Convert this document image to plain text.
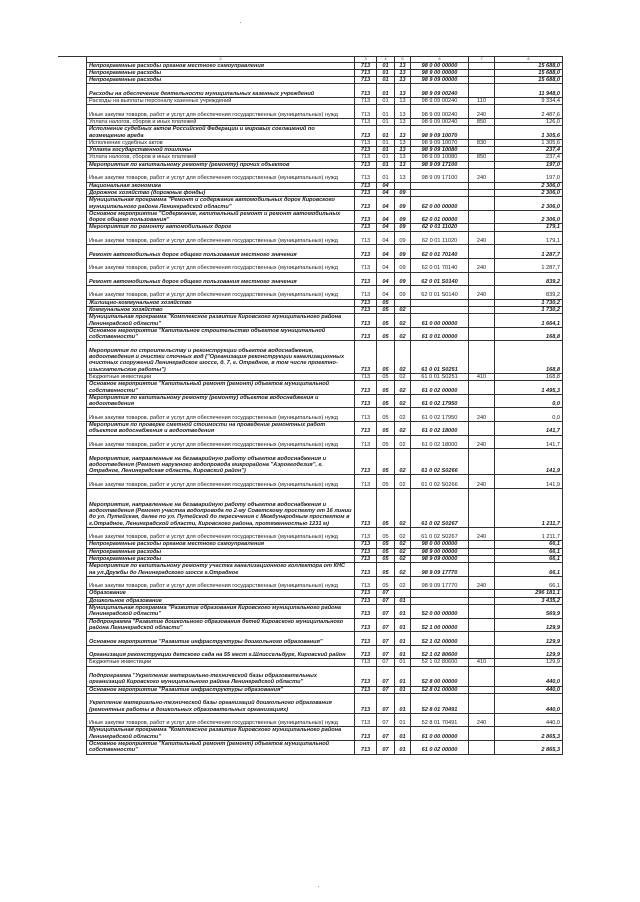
2	3	4	5	6	7	8
Непрограммные расходы органов местного самоуправления	713	01	13	98 0 00 00000		15 688,0
Непрограммные расходы	713	01	13	98 9 00 00000		15 688,0
Непрограммные расходы	713	01	13	98 9 09 00000		15 688,0
Расходы на обеспечение деятельности муниципальных казенных учреждений	713	01	13	98 9 09 00240		11 948,0
Расходы на выплаты персоналу казенных учреждений	713	01	13	98 9 09 00240	110	9 334,4
Иные закупки товаров, работ и услуг для обеспечения государственных (муниципальных) нужд	713	01	13	98 9 09 00240	240	2 487,6
Уплата налогов, сборов и иных платежей	713	01	13	98 9 09 00240	850	126,0
Исполнение судебных актов Российской Федерации и мировых соглашений по возмещению вреда	713	01	13	98 9 09 10070		1 305,6
Исполнение судебных актов	713	01	13	98 9 09 10070	830	1 305,6
Уплата государственной пошлины	713	01	13	98 9 09 10080		237,4
Уплата налогов, сборов и иных платежей	713	01	13	98 9 09 10080	850	237,4
Мероприятия по капитальному ремонту (ремонту) прочих объектов	713	01	13	98 9 09 17100		197,0
Иные закупки товаров, работ и услуг для обеспечения государственных (муниципальных) нужд	713	01	13	98 9 09 17100	240	197,0
Национальная экономика	713	04				2 306,0
Дорожное хозяйство (дорожные фонды)	713	04	09			2 306,0
Муниципальная программа "Ремонт и содержание автомобильных дорог Кировского муниципального района Ленинградской области"	713	04	09	62 0 00 00000		2 306,0
Основное мероприятие "Содержание, капитальный ремонт и ремонт автомобильных дорог общего пользования"	713	04	09	62 0 01 00000		2 306,0
Мероприятия по ремонту автомобильных дорог	713	04	09	62 0 01 11020		179,1
Иные закупки товаров, работ и услуг для обеспечения государственных (муниципальных) нужд	713	04	09	62 0 01 11020	240	179,1
Ремонт автомобильных дорог общего пользования местного значения	713	04	09	62 0 01 70140		1 287,7
Иные закупки товаров, работ и услуг для обеспечения государственных (муниципальных) нужд	713	04	09	62 0 01 70140	240	1 287,7
Ремонт автомобильных дорог общего пользования местного значения	713	04	09	62 0 01 S0140		839,2
Иные закупки товаров, работ и услуг для обеспечения государственных (муниципальных) нужд	713	04	09	62 0 01 S0140	240	839,2
Жилищно-коммунальное хозяйство	713	05				1 730,2
Коммунальное хозяйство	713	05	02			1 730,2
Муниципальная программа "Комплексное развитие Кировского муниципального района Ленинградской области"	713	05	02	61 0 00 00000		1 664,1
Основное мероприятие "Капитальное строительство объектов муниципальной собственности"	713	05	02	61 0 01 00000		168,8
Мероприятия по строительству и реконструкции объектов водоснабжения, водоотведения и очистки сточных вод ("Организация реконструкции канализационных очистных сооружений Ленинградское шоссе, д. 7, г. Отрадное, в том числе проектно-изыскательские работы")	713	05	02	61 0 01 S0251		168,8
Бюджетные инвестиции	713	05	02	61 0 01 S0251	410	168,8
Основное мероприятие "Капитальный ремонт (ремонт) объектов муниципальной собственности"	713	05	02	61 0 02 00000		1 495,3
Мероприятия по капитальному ремонту (ремонту) объектов водоснабжения и водоотведения	713	05	02	61 0 02 17950		0,0
Иные закупки товаров, работ и услуг для обеспечения государственных (муниципальных) нужд	713	05	02	61 0 02 17950	240	0,0
Мероприятия по проверке сметной стоимости на проведение ремонтных работ объектов водоснабжения и водоотведения	713	05	02	61 0 02 18000		141,7
Иные закупки товаров, работ и услуг для обеспечения государственных (муниципальных) нужд	713	05	02	61 0 02 18000	240	141,7
Мероприятия, направленные на безаварийную работу объектов водоснабжения и водоотведения (Ремонт наружного водопровода микрорайона "Аэрогеодезия", г. Отрадное, Ленинградская область, Кировский район")	713	05	02	61 0 02 S0266		141,9
Иные закупки товаров, работ и услуг для обеспечения государственных (муниципальных) нужд	713	05	02	61 0 02 S0266	240	141,9
Мероприятия, направленные на безаварийную работу объектов водоснабжения и водоотведения (Ремонт участка водопровода по 2-му Советскому проспекту от 16 линии до ул. Путейская, далее по ул. Путейской до пересечения с Международным проспектом в г.Отрадное, Ленинградской области, Кировского района, протяженностью 1231 м)	713	05	02	61 0 02 S0267		1 211,7
Иные закупки товаров, работ и услуг для обеспечения государственных (муниципальных) нужд	713	05	02	61 0 02 S0267	240	1 211,7
Непрограммные расходы органов местного самоуправления	713	05	02	98 0 00 00000		66,1
Непрограммные расходы	713	05	02	98 9 00 00000		66,1
Непрограммные расходы	713	05	02	98 9 09 00000		66,1
Мероприятия по капитальному ремонту участка канализационного коллектора от КНС на ул.Дружбы до Ленинградского шоссе г.Отрадное	713	05	02	98 9 09 17770		66,1
Иные закупки товаров, работ и услуг для обеспечения государственных (муниципальных) нужд	713	05	02	98 9 09 17770	240	66,1
Образование	713	07				296 181,1
Дошкольное образование	713	07	01			3 435,2
Муниципальная программа "Развитие образования Кировского муниципального района Ленинградской области"	713	07	01	52 0 00 00000		569,9
Подпрограмма "Развитие дошкольного образования детей Кировского муниципального района Ленинградской области"	713	07	01	52 1 00 00000		129,9
Основное мероприятие "Развитие инфраструктуры дошкольного образования"	713	07	01	52 1 02 00000		129,9
Организация реконструкции детского сада на 55 мест г.Шлиссельбург, Кировский район	713	07	01	52 1 02 80600		129,9
Бюджетные инвестиции	713	07	01	52 1 02 80600	410	129,9
Подпрограмма "Укрепление материально-технической базы образовательных организаций Кировского муниципального района Ленинградской области"	713	07	01	52 8 00 00000		440,0
Основное мероприятие "Развитие инфраструктуры образования"	713	07	01	52 8 01 00000		440,0
Укрепление материально-технической базы организаций дошкольного образования (ремонтные работы в дошкольных образовательных организациях)	713	07	01	52 8 01 70491		440,0
Иные закупки товаров, работ и услуг для обеспечения государственных (муниципальных) нужд	713	07	01	52 8 01 70491	240	440,0
Муниципальная программа "Комплексное развитие Кировского муниципального района Ленинградской области"	713	07	01	61 0 00 00000		2 865,3
Основное мероприятие "Капитальный ремонт (ремонт) объектов муниципальной собственности"	713	07	01	61 0 02 00000		2 865,3
